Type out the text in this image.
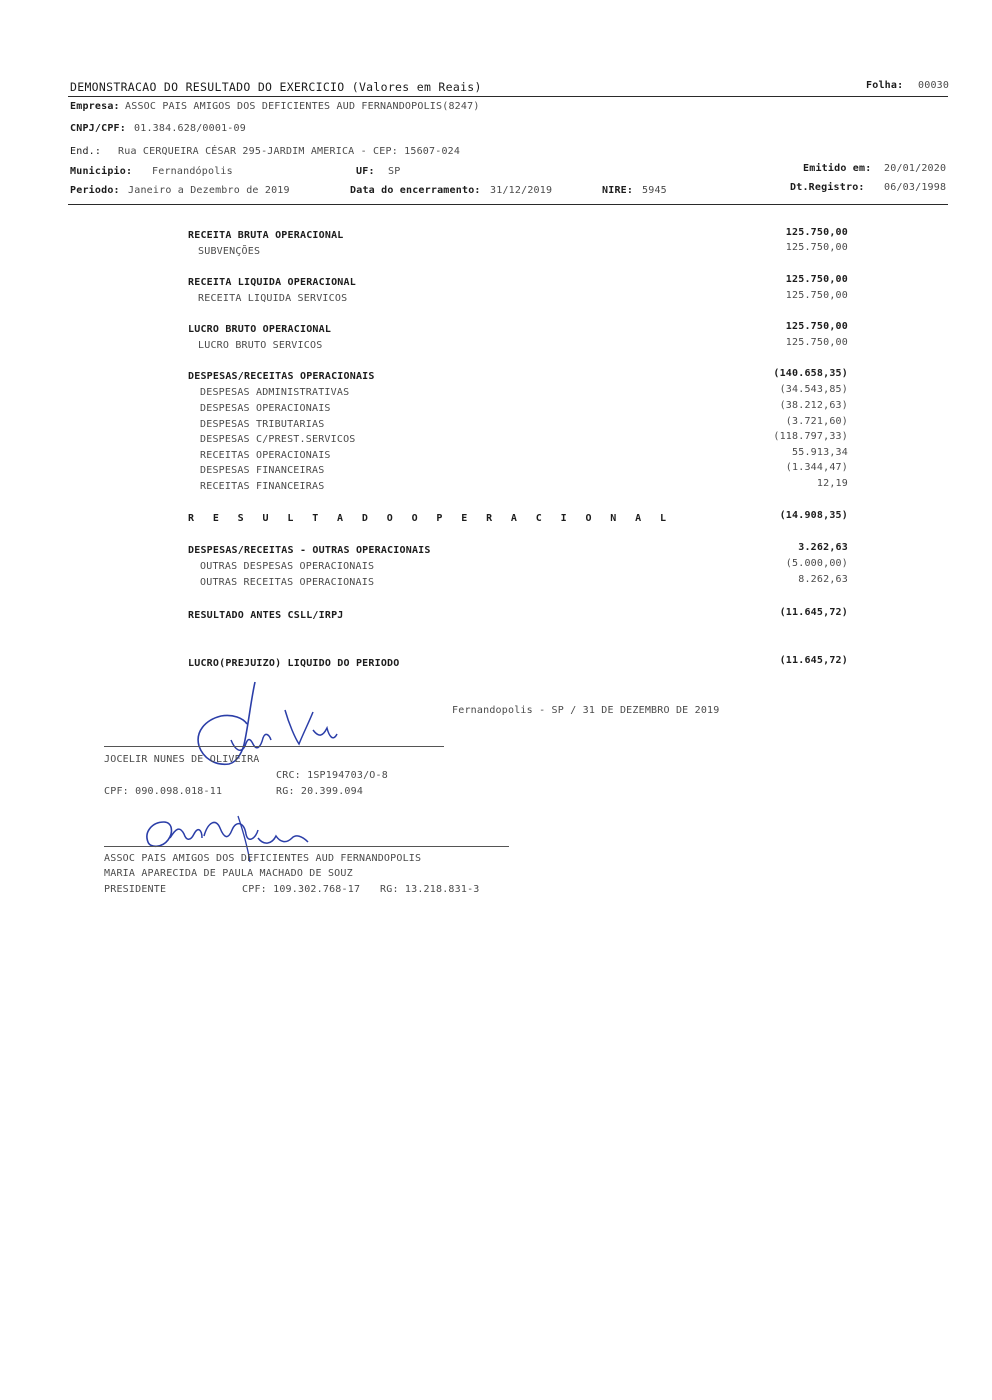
DEMONSTRACAO DO RESULTADO DO EXERCICIO (Valores em Reais)	Folha: 00030
Empresa: ASSOC PAIS AMIGOS DOS DEFICIENTES AUD FERNANDOPOLIS(8247)
CNPJ/CPF: 01.384.628/0001-09
End.: Rua CERQUEIRA CÉSAR 295-JARDIM AMERICA - CEP: 15607-024
Municipio: Fernandópolis	UF: SP	Emitido em: 20/01/2020
Periodo: Janeiro a Dezembro de 2019	Data do encerramento: 31/12/2019	NIRE: 5945	Dt.Registro: 06/03/1998
RECEITA BRUTA OPERACIONAL	125.750,00
SUBVENÇÕES	125.750,00
RECEITA LIQUIDA OPERACIONAL	125.750,00
RECEITA LIQUIDA SERVICOS	125.750,00
LUCRO BRUTO OPERACIONAL	125.750,00
LUCRO BRUTO SERVICOS	125.750,00
DESPESAS/RECEITAS OPERACIONAIS	(140.658,35)
DESPESAS ADMINISTRATIVAS	(34.543,85)
DESPESAS OPERACIONAIS	(38.212,63)
DESPESAS TRIBUTARIAS	(3.721,60)
DESPESAS C/PREST.SERVICOS	(118.797,33)
RECEITAS OPERACIONAIS	55.913,34
DESPESAS FINANCEIRAS	(1.344,47)
RECEITAS FINANCEIRAS	12,19
R E S U L T A D O O P E R A C I O N A L	(14.908,35)
DESPESAS/RECEITAS - OUTRAS OPERACIONAIS	3.262,63
OUTRAS DESPESAS OPERACIONAIS	(5.000,00)
OUTRAS RECEITAS OPERACIONAIS	8.262,63
RESULTADO ANTES CSLL/IRPJ	(11.645,72)
LUCRO(PREJUIZO) LIQUIDO DO PERIODO	(11.645,72)
Fernandopolis - SP / 31 DE DEZEMBRO DE 2019
JOCELIR NUNES DE OLIVEIRA
CRC: 1SP194703/O-8
CPF: 090.098.018-11	RG: 20.399.094
ASSOC PAIS AMIGOS DOS DEFICIENTES AUD FERNANDOPOLIS
MARIA APARECIDA DE PAULA MACHADO DE SOUZ
PRESIDENTE	CPF: 109.302.768-17 RG: 13.218.831-3
